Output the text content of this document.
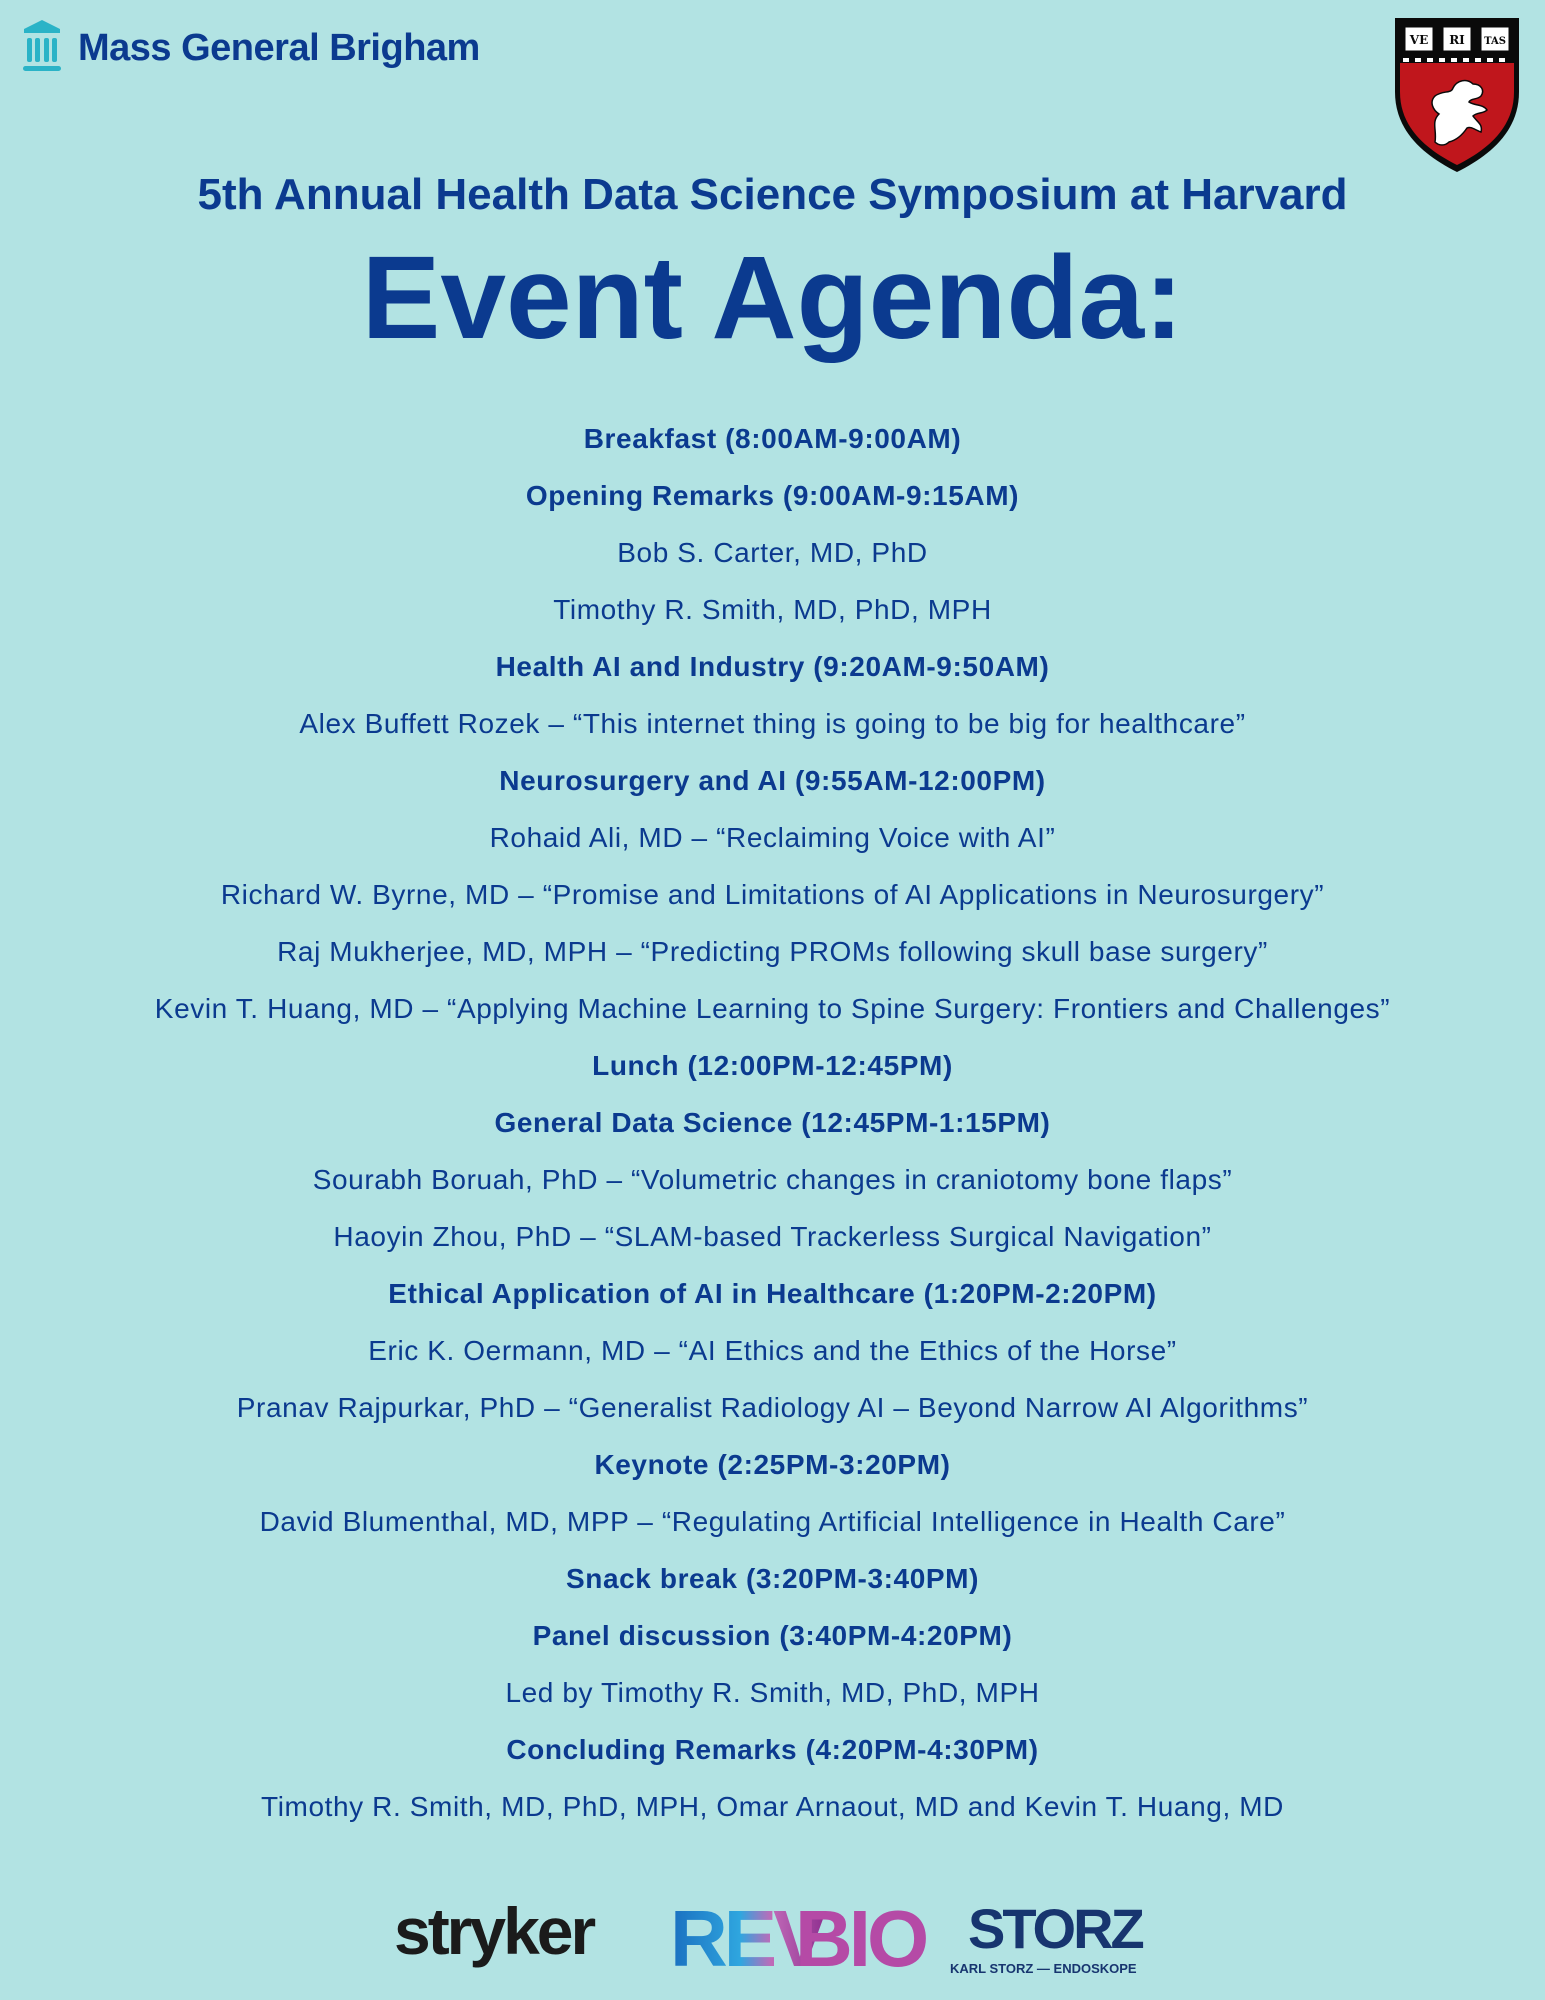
Mass General Brigham	VE RI TAS
5th Annual Health Data Science Symposium at Harvard
Event Agenda:
Breakfast (8:00AM-9:00AM)
Opening Remarks (9:00AM-9:15AM)
Bob S. Carter, MD, PhD
Timothy R. Smith, MD, PhD, MPH
Health AI and Industry (9:20AM-9:50AM)
Alex Buffett Rozek – “This internet thing is going to be big for healthcare”
Neurosurgery and AI (9:55AM-12:00PM)
Rohaid Ali, MD – “Reclaiming Voice with AI”
Richard W. Byrne, MD – “Promise and Limitations of AI Applications in Neurosurgery”
Raj Mukherjee, MD, MPH – “Predicting PROMs following skull base surgery”
Kevin T. Huang, MD – “Applying Machine Learning to Spine Surgery: Frontiers and Challenges”
Lunch (12:00PM-12:45PM)
General Data Science (12:45PM-1:15PM)
Sourabh Boruah, PhD – “Volumetric changes in craniotomy bone flaps”
Haoyin Zhou, PhD – “SLAM-based Trackerless Surgical Navigation”
Ethical Application of AI in Healthcare (1:20PM-2:20PM)
Eric K. Oermann, MD – “AI Ethics and the Ethics of the Horse”
Pranav Rajpurkar, PhD – “Generalist Radiology AI – Beyond Narrow AI Algorithms”
Keynote (2:25PM-3:20PM)
David Blumenthal, MD, MPP – “Regulating Artificial Intelligence in Health Care”
Snack break (3:20PM-3:40PM)
Panel discussion (3:40PM-4:20PM)
Led by Timothy R. Smith, MD, PhD, MPH
Concluding Remarks (4:20PM-4:30PM)
Timothy R. Smith, MD, PhD, MPH, Omar Arnaout, MD and Kevin T. Huang, MD
stryker REV
BIO STORZ
KARL STORZ — ENDOSKOPE
